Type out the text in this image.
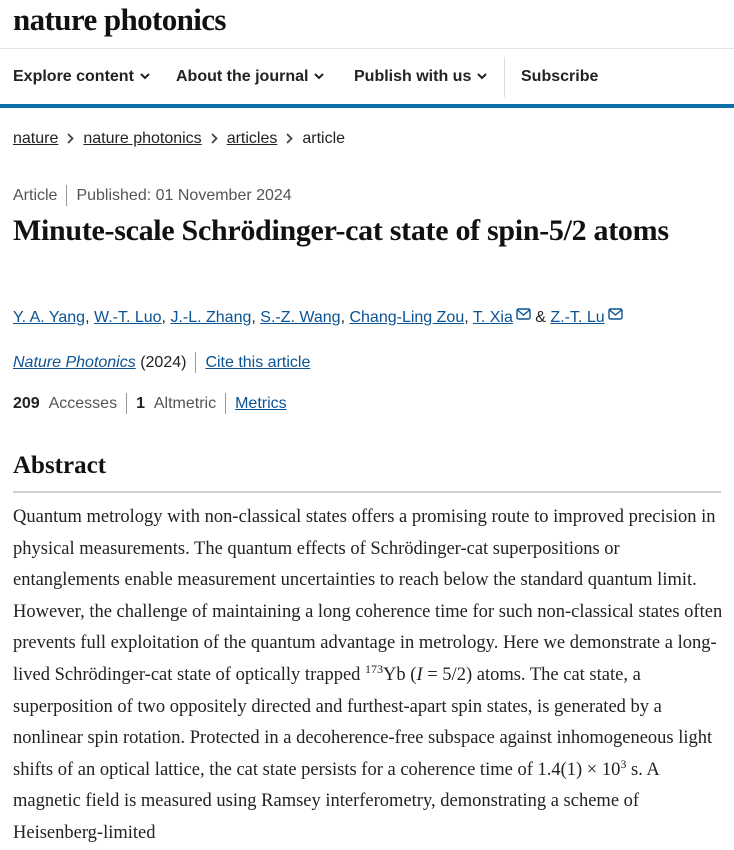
nature photonics
Explore content	About the journal	Publish with us	Subscribe
nature nature photonics articles article
Article Published: 01 November 2024
Minute-scale Schrödinger-cat state of spin-5/2 atoms
Y. A. Yang, W.-T. Luo, J.-L. Zhang, S.-Z. Wang, Chang-Ling Zou, T. Xia & Z.-T. Lu
Nature Photonics (2024) Cite this article
209 Accesses 1 Altmetric Metrics
Abstract

Quantum metrology with non-classical states offers a promising route to improved precision in physical measurements. The quantum effects of Schrödinger-cat superpositions or entanglements enable measurement uncertainties to reach below the standard quantum limit. However, the challenge of maintaining a long coherence time for such non-classical states often prevents full exploitation of the quantum advantage in metrology. Here we demonstrate a long-lived Schrödinger-cat state of optically trapped $^{173}$Yb (I = 5/2) atoms. The cat state, a superposition of two oppositely directed and furthest-apart spin states, is generated by a nonlinear spin rotation. Protected in a decoherence-free subspace against inhomogeneous light shifts of an optical lattice, the cat state persists for a coherence time of $1.4(1) \times 10^3$ s. A magnetic field is measured using Ramsey interferometry, demonstrating a scheme of Heisenberg-limited
